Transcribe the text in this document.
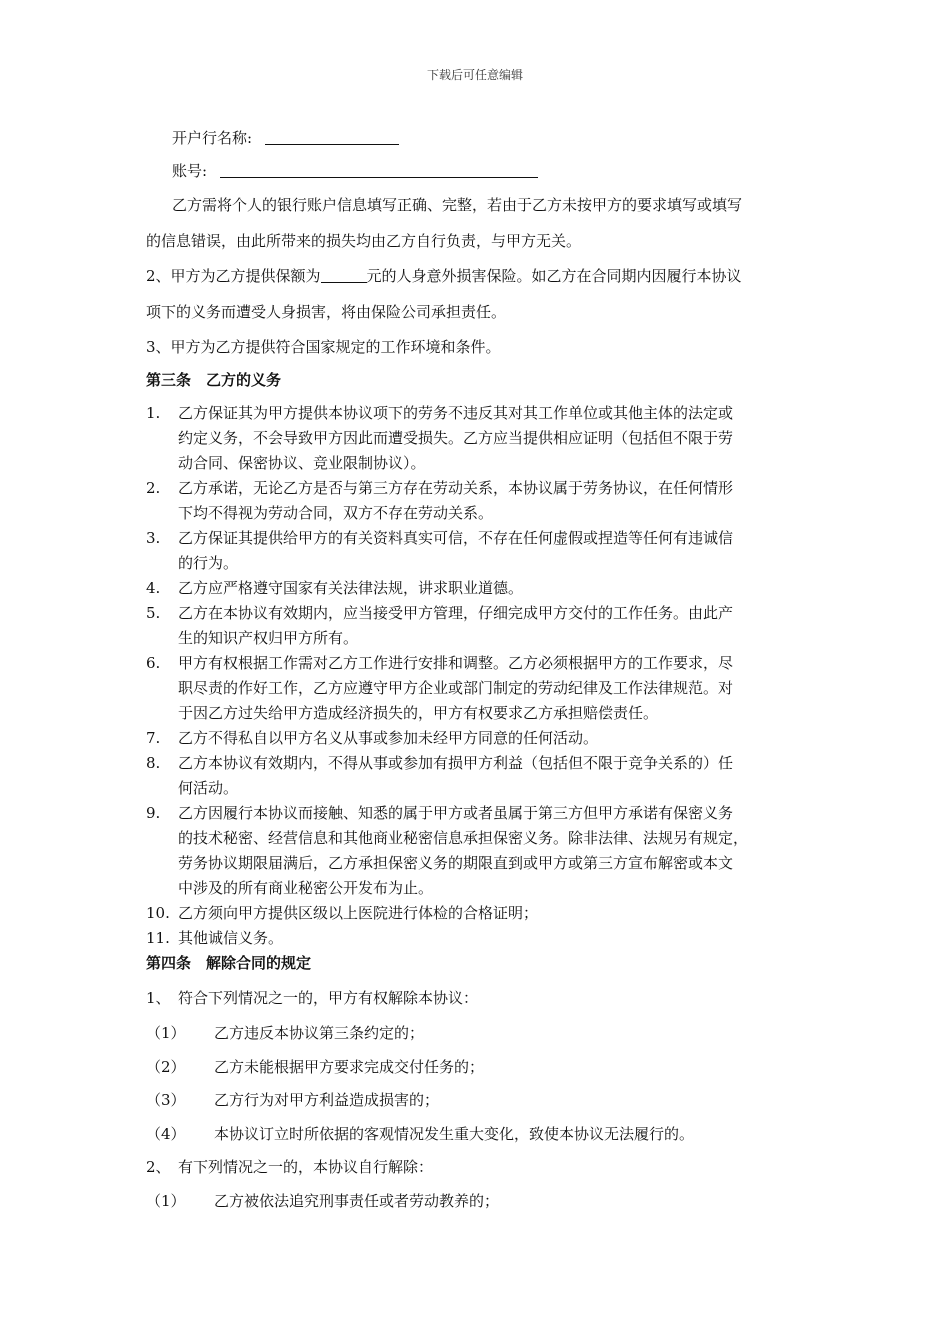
下载后可任意编辑
开户行名称:
账号:
乙方需将个人的银行账户信息填写正确、完整，若由于乙方未按甲方的要求填写或填写
的信息错误，由此所带来的损失均由乙方自行负责，与甲方无关。
2、甲方为乙方提供保额为	元的人身意外损害保险。如乙方在合同期内因履行本协议
项下的义务而遭受人身损害，将由保险公司承担责任。
3、甲方为乙方提供符合国家规定的工作环境和条件。
第三条　乙方的义务
1. 乙方保证其为甲方提供本协议项下的劳务不违反其对其工作单位或其他主体的法定或
约定义务，不会导致甲方因此而遭受损失。乙方应当提供相应证明（包括但不限于劳
动合同、保密协议、竞业限制协议）。
2. 乙方承诺，无论乙方是否与第三方存在劳动关系，本协议属于劳务协议，在任何情形
下均不得视为劳动合同，双方不存在劳动关系。
3. 乙方保证其提供给甲方的有关资料真实可信，不存在任何虚假或捏造等任何有违诚信
的行为。
4. 乙方应严格遵守国家有关法律法规，讲求职业道德。
5. 乙方在本协议有效期内，应当接受甲方管理，仔细完成甲方交付的工作任务。由此产
生的知识产权归甲方所有。
6. 甲方有权根据工作需对乙方工作进行安排和调整。乙方必须根据甲方的工作要求，尽
职尽责的作好工作，乙方应遵守甲方企业或部门制定的劳动纪律及工作法律规范。对
于因乙方过失给甲方造成经济损失的，甲方有权要求乙方承担赔偿责任。
7. 乙方不得私自以甲方名义从事或参加未经甲方同意的任何活动。
8. 乙方本协议有效期内，不得从事或参加有损甲方利益（包括但不限于竞争关系的）任
何活动。
9. 乙方因履行本协议而接触、知悉的属于甲方或者虽属于第三方但甲方承诺有保密义务
的技术秘密、经营信息和其他商业秘密信息承担保密义务。除非法律、法规另有规定，
劳务协议期限届满后，乙方承担保密义务的期限直到或甲方或第三方宣布解密或本文
中涉及的所有商业秘密公开发布为止。
10. 乙方须向甲方提供区级以上医院进行体检的合格证明；
11. 其他诚信义务。
第四条　解除合同的规定
1、　符合下列情况之一的，甲方有权解除本协议：
（1） 乙方违反本协议第三条约定的；
（2） 乙方未能根据甲方要求完成交付任务的；
（3） 乙方行为对甲方利益造成损害的；
（4） 本协议订立时所依据的客观情况发生重大变化，致使本协议无法履行的。
2、　有下列情况之一的，本协议自行解除：
（1） 乙方被依法追究刑事责任或者劳动教养的；
